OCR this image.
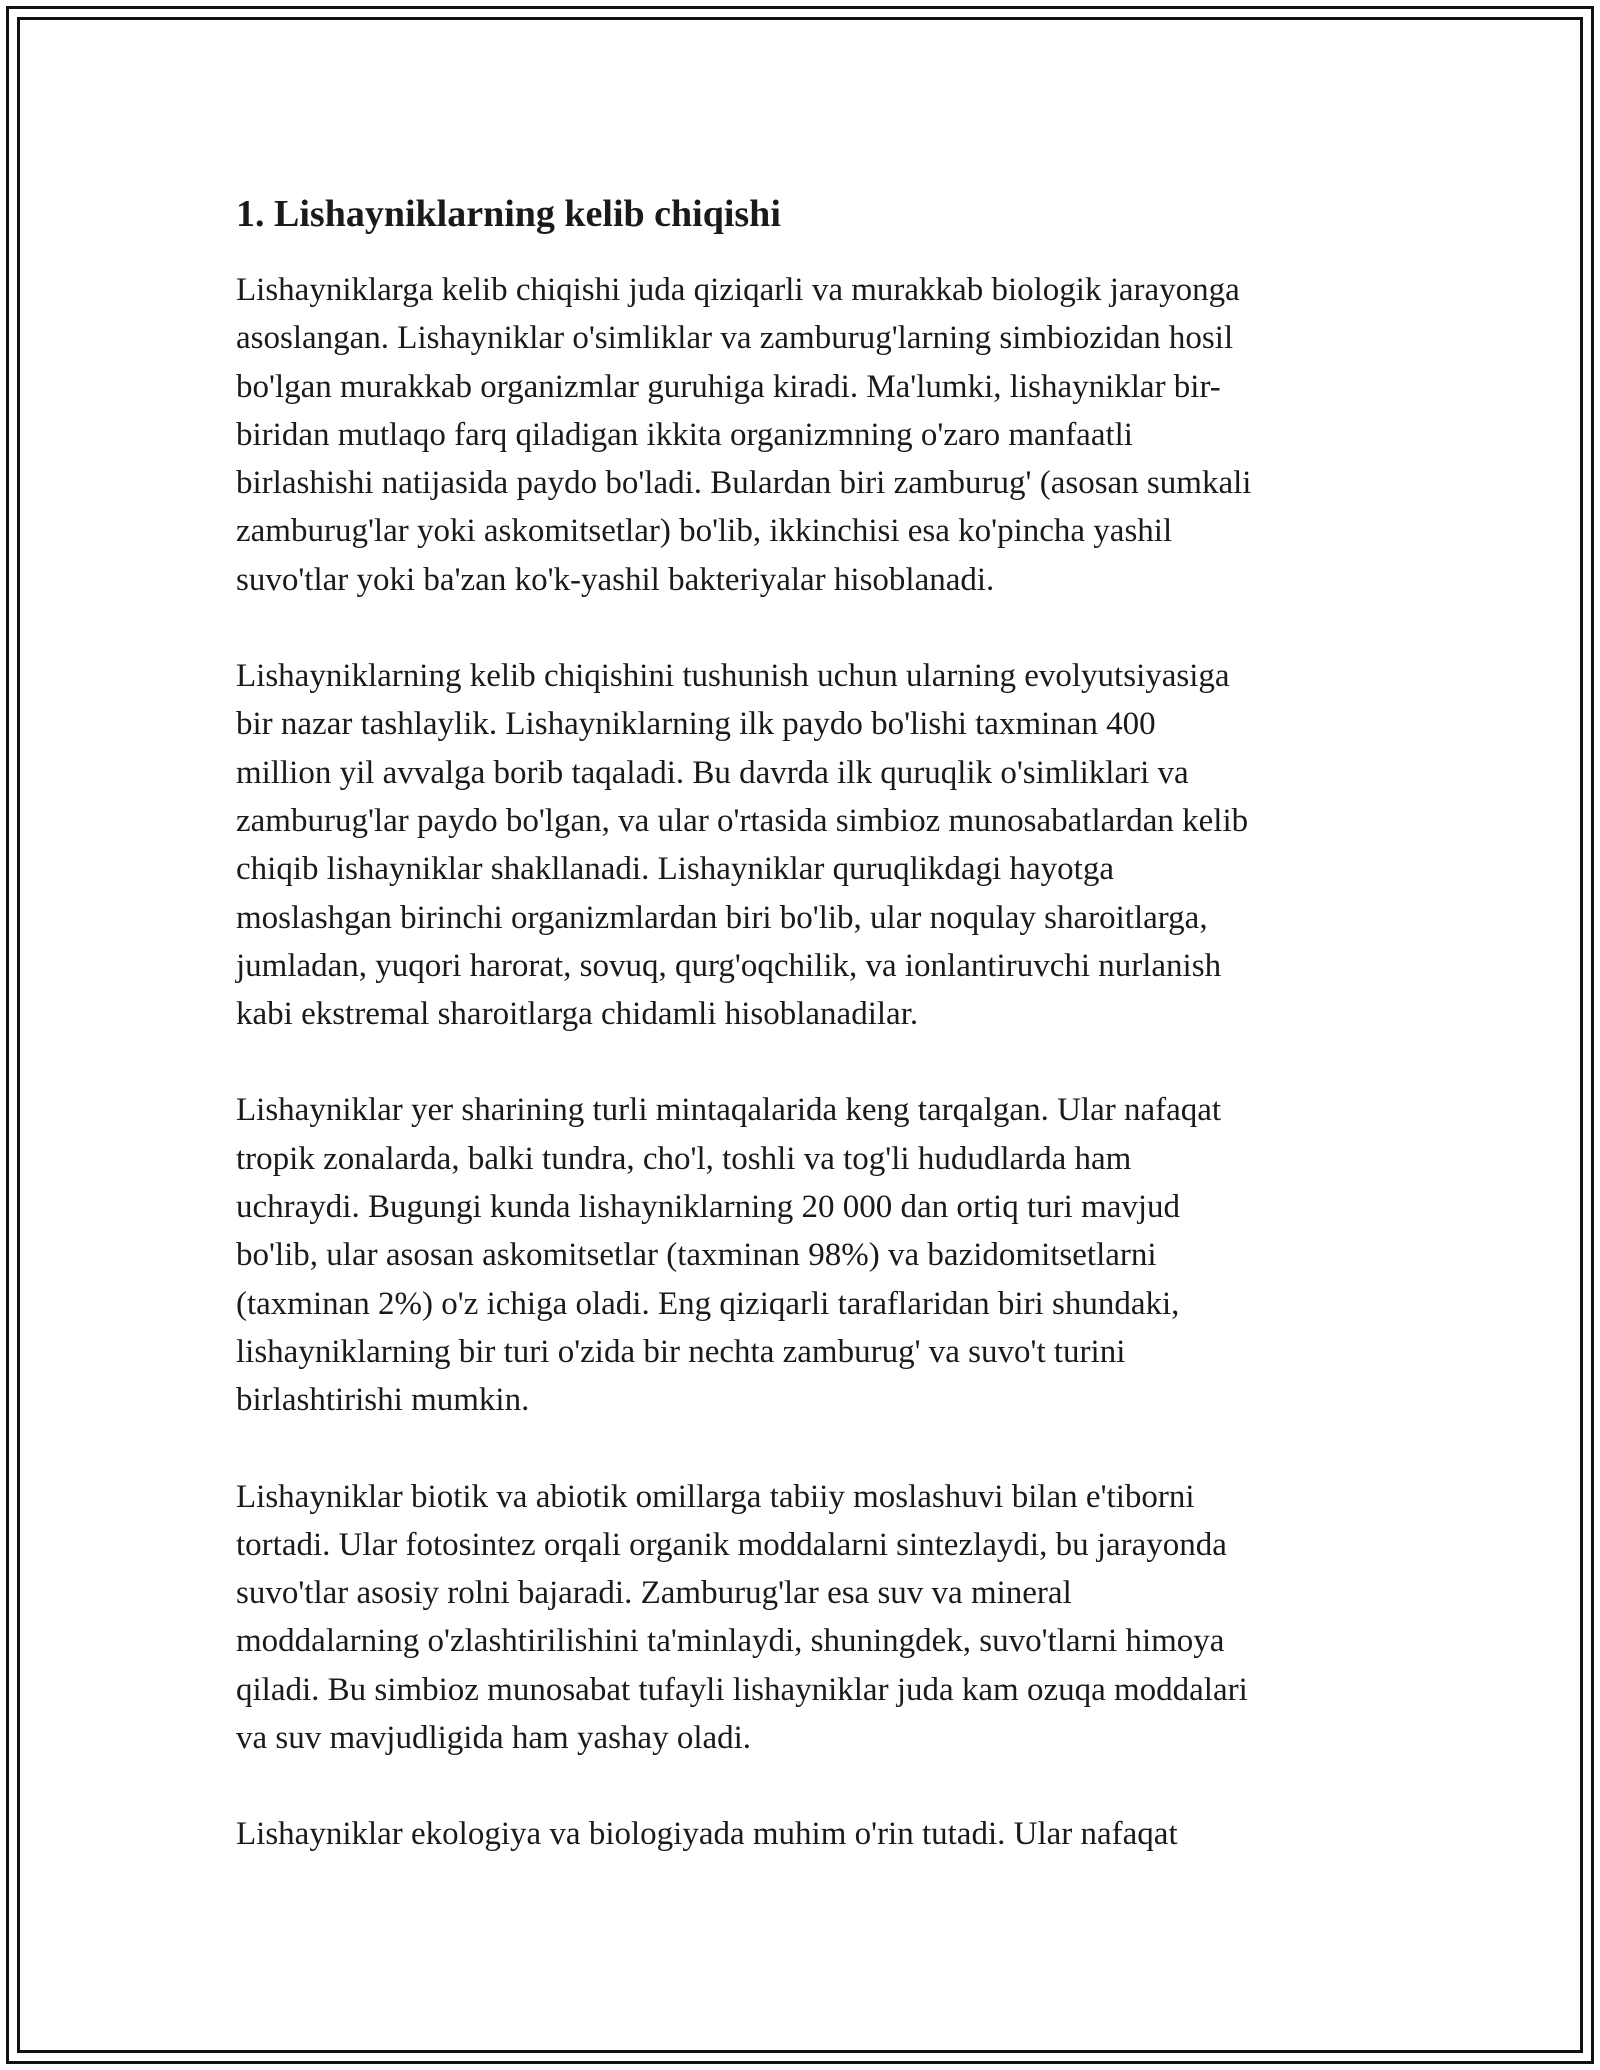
1. Lishayniklarning kelib chiqishi

Lishayniklarga kelib chiqishi juda qiziqarli va murakkab biologik jarayonga
asoslangan. Lishayniklar o'simliklar va zamburug'larning simbiozidan hosil
bo'lgan murakkab organizmlar guruhiga kiradi. Ma'lumki, lishayniklar bir-
biridan mutlaqo farq qiladigan ikkita organizmning o'zaro manfaatli
birlashishi natijasida paydo bo'ladi. Bulardan biri zamburug' (asosan sumkali
zamburug'lar yoki askomitsetlar) bo'lib, ikkinchisi esa ko'pincha yashil
suvo'tlar yoki ba'zan ko'k-yashil bakteriyalar hisoblanadi.

Lishayniklarning kelib chiqishini tushunish uchun ularning evolyutsiyasiga
bir nazar tashlaylik. Lishayniklarning ilk paydo bo'lishi taxminan 400
million yil avvalga borib taqaladi. Bu davrda ilk quruqlik o'simliklari va
zamburug'lar paydo bo'lgan, va ular o'rtasida simbioz munosabatlardan kelib
chiqib lishayniklar shakllanadi. Lishayniklar quruqlikdagi hayotga
moslashgan birinchi organizmlardan biri bo'lib, ular noqulay sharoitlarga,
jumladan, yuqori harorat, sovuq, qurg'oqchilik, va ionlantiruvchi nurlanish
kabi ekstremal sharoitlarga chidamli hisoblanadilar.

Lishayniklar yer sharining turli mintaqalarida keng tarqalgan. Ular nafaqat
tropik zonalarda, balki tundra, cho'l, toshli va tog'li hududlarda ham
uchraydi. Bugungi kunda lishayniklarning 20 000 dan ortiq turi mavjud
bo'lib, ular asosan askomitsetlar (taxminan 98%) va bazidomitsetlarni
(taxminan 2%) o'z ichiga oladi. Eng qiziqarli taraflaridan biri shundaki,
lishayniklarning bir turi o'zida bir nechta zamburug' va suvo't turini
birlashtirishi mumkin.

Lishayniklar biotik va abiotik omillarga tabiiy moslashuvi bilan e'tiborni
tortadi. Ular fotosintez orqali organik moddalarni sintezlaydi, bu jarayonda
suvo'tlar asosiy rolni bajaradi. Zamburug'lar esa suv va mineral
moddalarning o'zlashtirilishini ta'minlaydi, shuningdek, suvo'tlarni himoya
qiladi. Bu simbioz munosabat tufayli lishayniklar juda kam ozuqa moddalari
va suv mavjudligida ham yashay oladi.

Lishayniklar ekologiya va biologiyada muhim o'rin tutadi. Ular nafaqat
